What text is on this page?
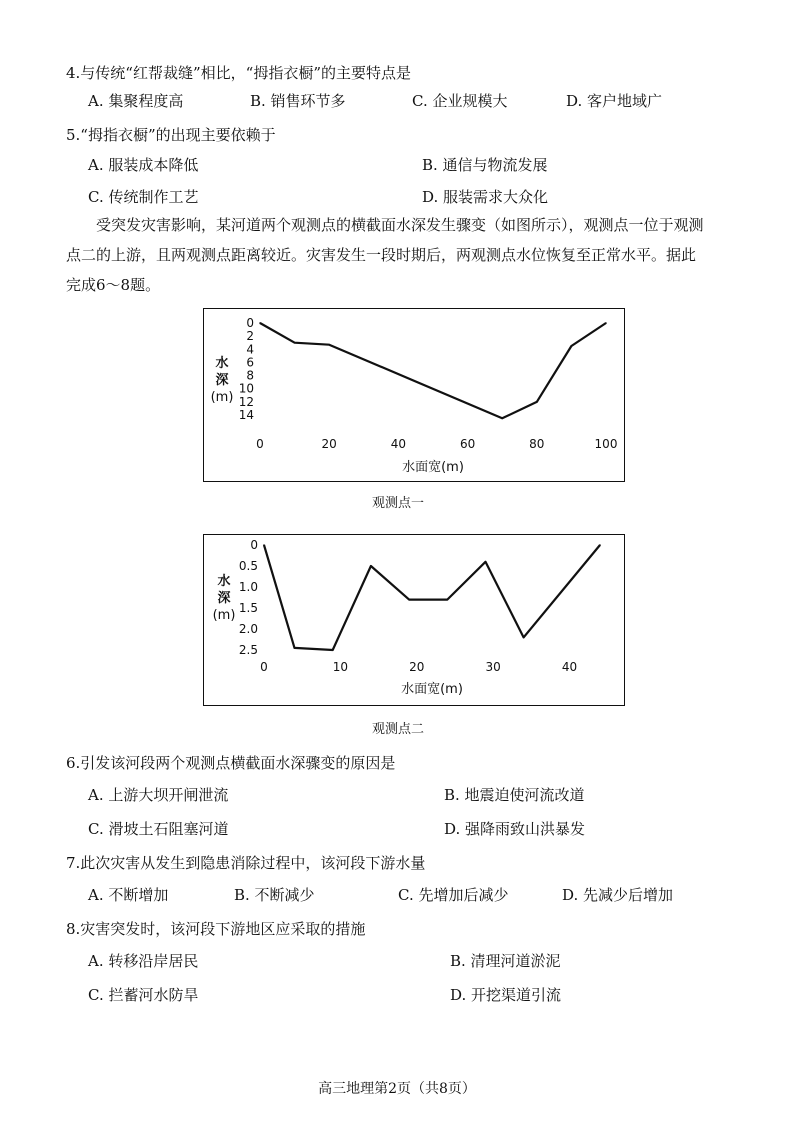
4.与传统“红帮裁缝”相比，“拇指衣橱”的主要特点是
A. 集聚程度高	B. 销售环节多	C. 企业规模大	D. 客户地域广
5.“拇指衣橱”的出现主要依赖于
A. 服装成本降低	B. 通信与物流发展
C. 传统制作工艺	D. 服装需求大众化

受突发灾害影响，某河道两个观测点的横截面水深发生骤变（如图所示），观测点一位于观测点二的上游，且两观测点距离较近。灾害发生一段时期后，两观测点水位恢复至正常水平。据此完成6～8题。

0
2
4
6
8
10
12
14
0	20	40	60	80	100
水
深
(m)
水面宽(m)
观测点一
0
0.5
1.0
1.5
2.0
2.5
0	10	20	30	40
水
深
(m)
水面宽(m)
观测点二
6.引发该河段两个观测点横截面水深骤变的原因是
A. 上游大坝开闸泄流	B. 地震迫使河流改道
C. 滑坡土石阻塞河道	D. 强降雨致山洪暴发
7.此次灾害从发生到隐患消除过程中，该河段下游水量
A. 不断增加	B. 不断减少	C. 先增加后减少	D. 先减少后增加
8.灾害突发时，该河段下游地区应采取的措施
A. 转移沿岸居民	B. 清理河道淤泥
C. 拦蓄河水防旱	D. 开挖渠道引流
高三地理第2页（共8页）
